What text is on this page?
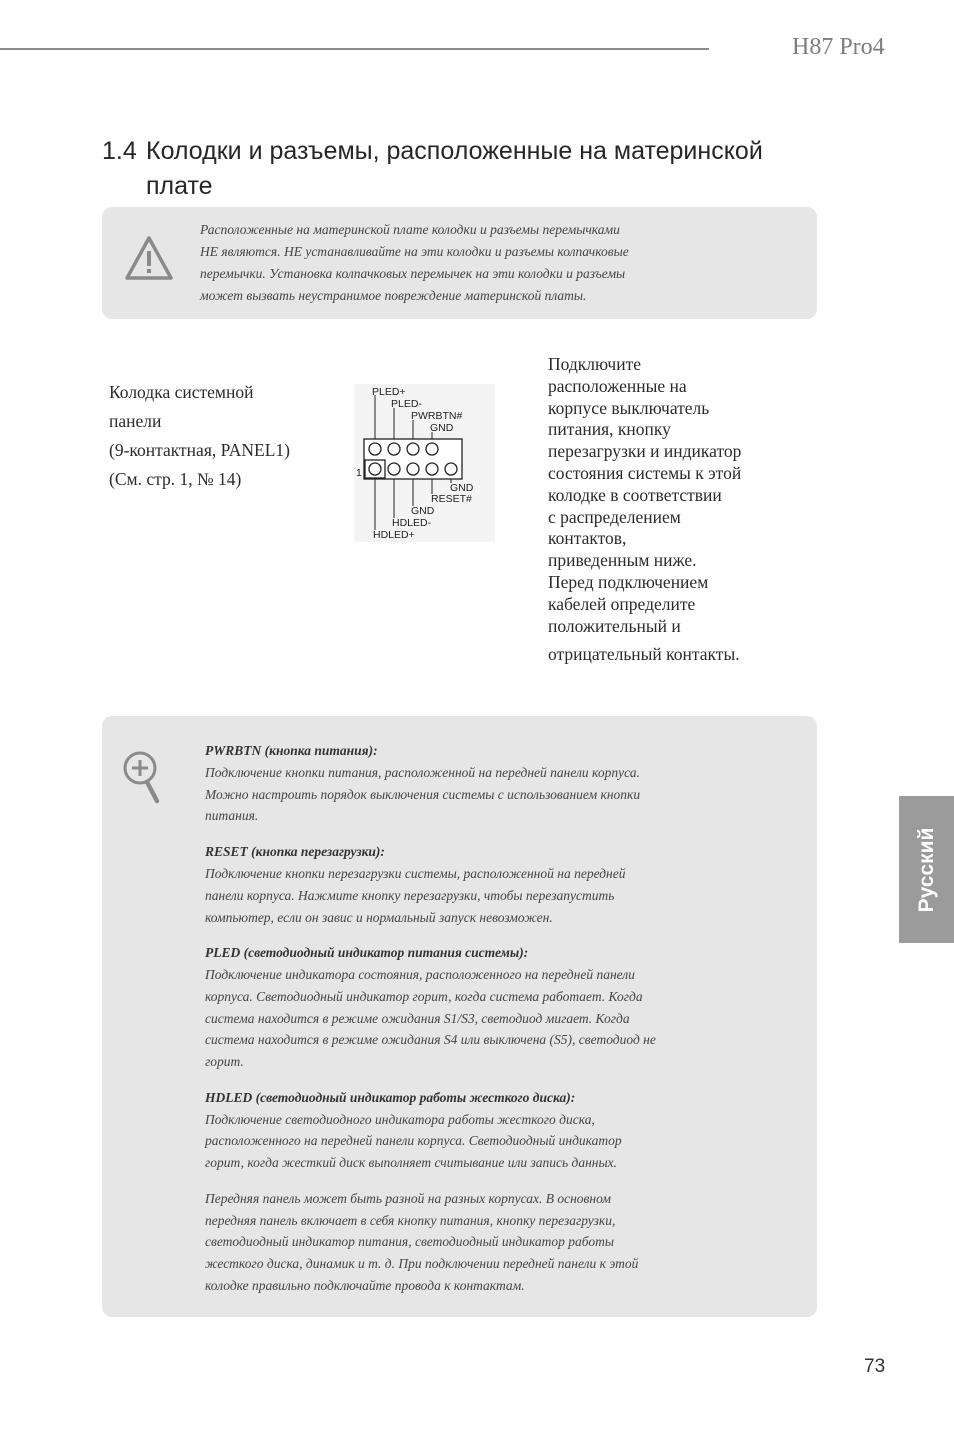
H87 Pro4
1.4 Колодки и разъемы, расположенные на материнской
плате
Расположенные на материнской плате колодки и разъемы перемычками
НЕ являются. НЕ устанавливайте на эти колодки и разъемы колпачковые
перемычки. Установка колпачковых перемычек на эти колодки и разъемы
может вызвать неустранимое повреждение материнской платы.
Колодка системной
панели
(9-контактная, PANEL1)
(См. стр. 1, № 14)
PLED+
PLED-
PWRBTN#
GND
GND
RESET#
GND
HDLED-
HDLED+
1
Подключите
расположенные на
корпусе выключатель
питания, кнопку
перезагрузки и индикатор
состояния системы к этой
колодке в соответствии
с распределением
контактов,
приведенным ниже.
Перед подключением
кабелей определите
положительный и
отрицательный контакты.
PWRBTN (кнопка питания):

Подключение кнопки питания, расположенной на передней панели корпуса.

Можно настроить порядок выключения системы с использованием кнопки

питания.

RESET (кнопка перезагрузки):

Подключение кнопки перезагрузки системы, расположенной на передней

панели корпуса. Нажмите кнопку перезагрузки, чтобы перезапустить

компьютер, если он завис и нормальный запуск невозможен.

PLED (светодиодный индикатор питания системы):

Подключение индикатора состояния, расположенного на передней панели

корпуса. Светодиодный индикатор горит, когда система работает. Когда

система находится в режиме ожидания S1/S3, светодиод мигает. Когда

система находится в режиме ожидания S4 или выключена (S5), светодиод не

горит.

HDLED (светодиодный индикатор работы жесткого диска):

Подключение светодиодного индикатора работы жесткого диска,

расположенного на передней панели корпуса. Светодиодный индикатор

горит, когда жесткий диск выполняет считывание или запись данных.

Передняя панель может быть разной на разных корпусах. В основном
передняя панель включает в себя кнопку питания, кнопку перезагрузки,
светодиодный индикатор питания, светодиодный индикатор работы
жесткого диска, динамик и т. д. При подключении передней панели к этой
колодке правильно подключайте провода к контактам.
Русский
73
